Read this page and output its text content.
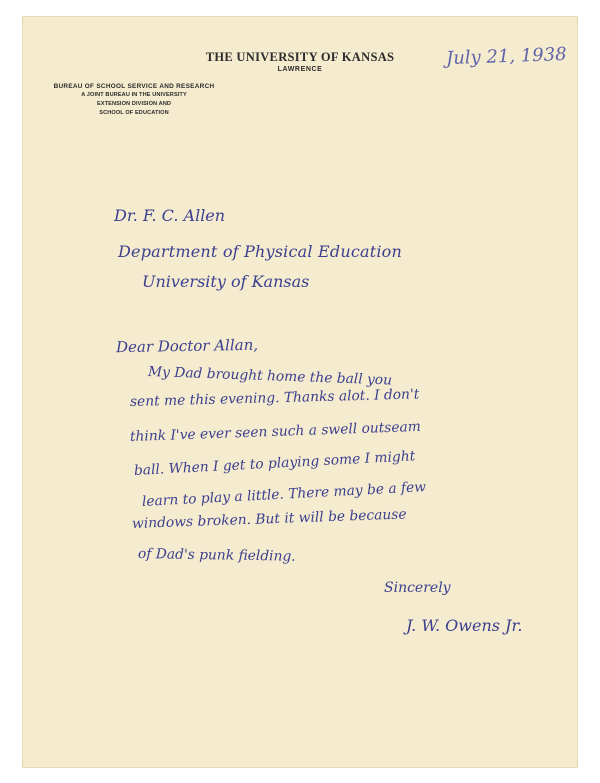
THE UNIVERSITY OF KANSAS
LAWRENCE
BUREAU OF SCHOOL SERVICE AND RESEARCH
A JOINT BUREAU IN THE UNIVERSITY
EXTENSION DIVISION AND
SCHOOL OF EDUCATION
July 21, 1938
Dr. F. C. Allen
Department of Physical Education
University of Kansas
Dear Doctor Allan,
My Dad brought home the ball you
sent me this evening. Thanks alot. I don't
think I've ever seen such a swell outseam
ball. When I get to playing some I might
learn to play a little. There may be a few
windows broken. But it will be because
of Dad's punk fielding.
Sincerely
J. W. Owens Jr.
